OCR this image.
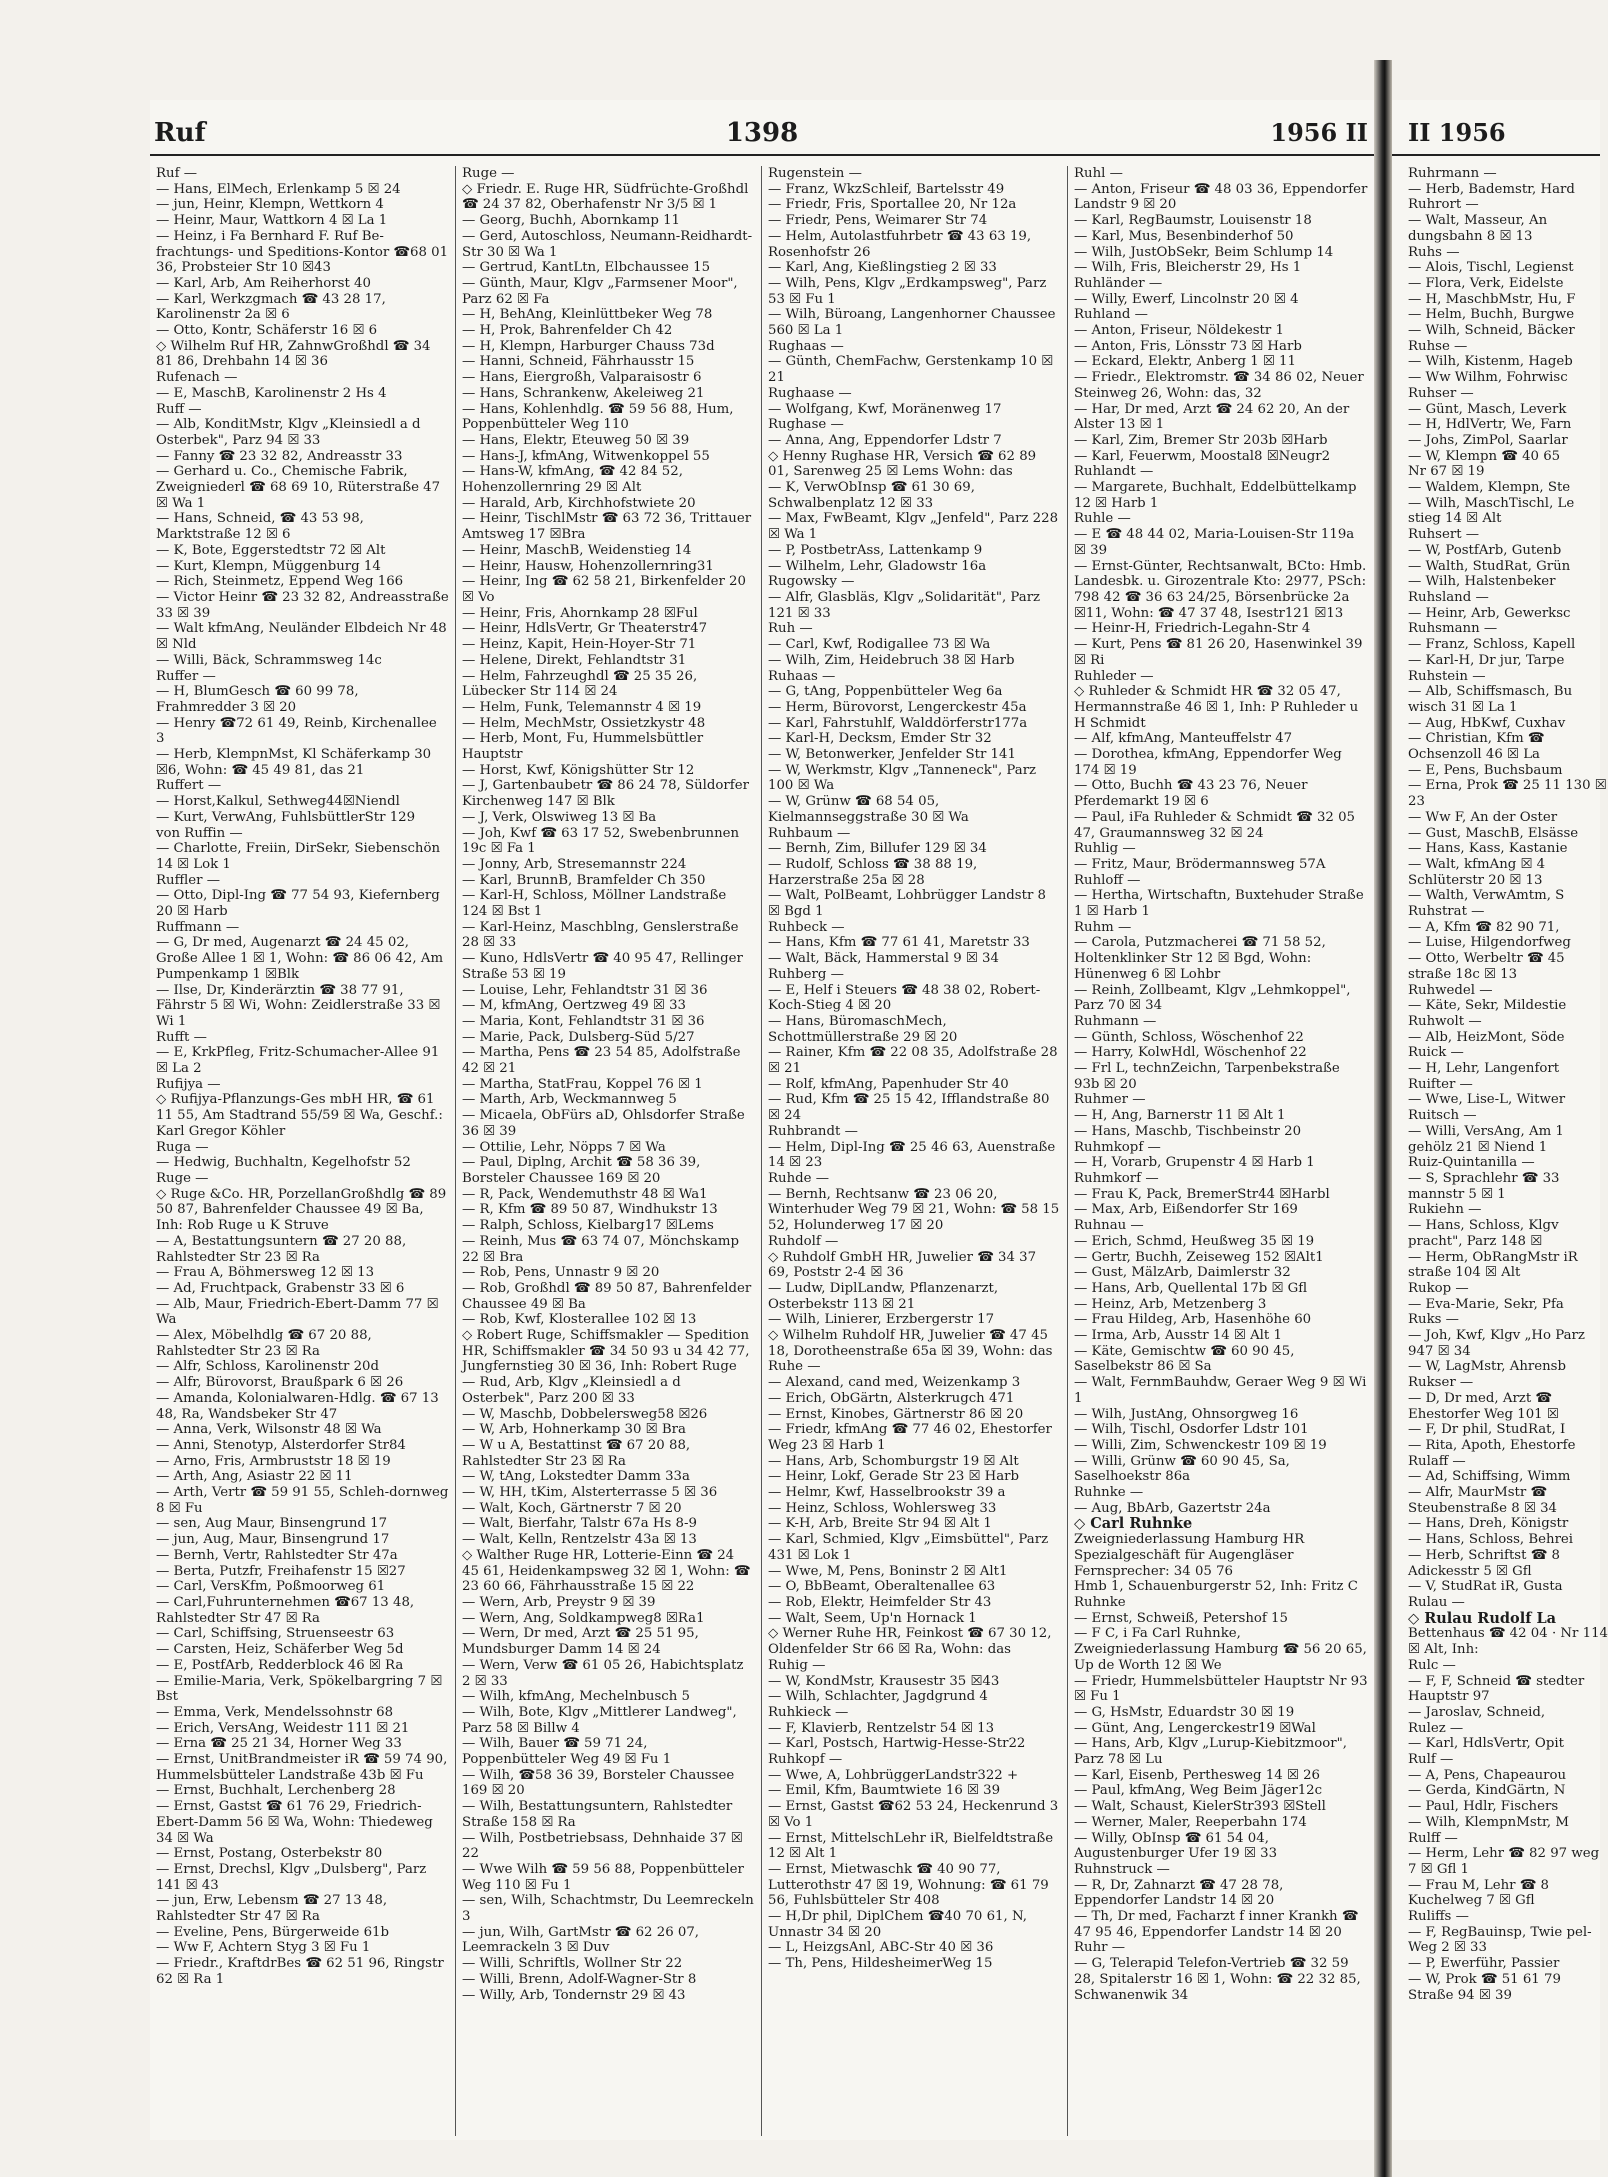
Ruf	1398	1956 II
Ruf —
— Hans, ElMech, Erlenkamp 5 ☒ 24
— jun, Heinr, Klempn, Wettkorn 4
— Heinr, Maur, Wattkorn 4 ☒ La 1
— Heinz, i Fa Bernhard F. Ruf Be-frachtungs- und Speditions-Kontor ☎68 01 36, Probsteier Str 10 ☒43
— Karl, Arb, Am Reiherhorst 40
— Karl, Werkzgmach ☎ 43 28 17, Karolinenstr 2a ☒ 6
— Otto, Kontr, Schäferstr 16 ☒ 6
◇ Wilhelm Ruf HR, ZahnwGroßhdl ☎ 34 81 86, Drehbahn 14 ☒ 36
Rufenach —
— E, MaschB, Karolinenstr 2 Hs 4
Ruff —
— Alb, KonditMstr, Klgv „Kleinsiedl a d Osterbek", Parz 94 ☒ 33
— Fanny ☎ 23 32 82, Andreasstr 33
— Gerhard u. Co., Chemische Fabrik, Zweigniederl ☎ 68 69 10, Rüterstraße 47 ☒ Wa 1
— Hans, Schneid, ☎ 43 53 98, Marktstraße 12 ☒ 6
— K, Bote, Eggerstedtstr 72 ☒ Alt
— Kurt, Klempn, Müggenburg 14
— Rich, Steinmetz, Eppend Weg 166
— Victor Heinr ☎ 23 32 82, Andreasstraße 33 ☒ 39
— Walt kfmAng, Neuländer Elbdeich Nr 48 ☒ Nld
— Willi, Bäck, Schrammsweg 14c
Ruffer —
— H, BlumGesch ☎ 60 99 78, Frahmredder 3 ☒ 20
— Henry ☎72 61 49, Reinb, Kirchenallee 3
— Herb, KlempnMst, Kl Schäferkamp 30 ☒6, Wohn: ☎ 45 49 81, das 21
Ruffert —
— Horst,Kalkul, Sethweg44☒Niendl
— Kurt, VerwAng, FuhlsbüttlerStr 129
von Ruffin —
— Charlotte, Freiin, DirSekr, Siebenschön 14 ☒ Lok 1
Ruffler —
— Otto, Dipl-Ing ☎ 77 54 93, Kiefernberg 20 ☒ Harb
Ruffmann —
— G, Dr med, Augenarzt ☎ 24 45 02, Große Allee 1 ☒ 1, Wohn: ☎ 86 06 42, Am Pumpenkamp 1 ☒Blk
— Ilse, Dr, Kinderärztin ☎ 38 77 91, Fährstr 5 ☒ Wi, Wohn: Zeidlerstraße 33 ☒ Wi 1
Rufft —
— E, KrkPfleg, Fritz-Schumacher-Allee 91 ☒ La 2
Rufijya —
◇ Rufijya-Pflanzungs-Ges mbH HR, ☎ 61 11 55, Am Stadtrand 55/59 ☒ Wa, Geschf.: Karl Gregor Köhler
Ruga —
— Hedwig, Buchhaltn, Kegelhofstr 52
Ruge —
◇ Ruge &Co. HR, PorzellanGroßhdlg ☎ 89 50 87, Bahrenfelder Chaussee 49 ☒ Ba, Inh: Rob Ruge u K Struve
— A, Bestattungsuntern ☎ 27 20 88, Rahlstedter Str 23 ☒ Ra
— Frau A, Böhmersweg 12 ☒ 13
— Ad, Fruchtpack, Grabenstr 33 ☒ 6
— Alb, Maur, Friedrich-Ebert-Damm 77 ☒ Wa
— Alex, Möbelhdlg ☎ 67 20 88, Rahlstedter Str 23 ☒ Ra
— Alfr, Schloss, Karolinenstr 20d
— Alfr, Bürovorst, Braußpark 6 ☒ 26
— Amanda, Kolonialwaren-Hdlg. ☎ 67 13 48, Ra, Wandsbeker Str 47
— Anna, Verk, Wilsonstr 48 ☒ Wa
— Anni, Stenotyp, Alsterdorfer Str84
— Arno, Fris, Armbruststr 18 ☒ 19
— Arth, Ang, Asiastr 22 ☒ 11
— Arth, Vertr ☎ 59 91 55, Schleh-dornweg 8 ☒ Fu
— sen, Aug Maur, Binsengrund 17
— jun, Aug, Maur, Binsengrund 17
— Bernh, Vertr, Rahlstedter Str 47a
— Berta, Putzfr, Freihafenstr 15 ☒27
— Carl, VersKfm, Poßmoorweg 61
— Carl,Fuhrunternehmen ☎67 13 48, Rahlstedter Str 47 ☒ Ra
— Carl, Schiffsing, Struenseestr 63
— Carsten, Heiz, Schäferber Weg 5d
— E, PostfArb, Redderblock 46 ☒ Ra
— Emilie-Maria, Verk, Spökelbargring 7 ☒ Bst
— Emma, Verk, Mendelssohnstr 68
— Erich, VersAng, Weidestr 111 ☒ 21
— Erna ☎ 25 21 34, Horner Weg 33
— Ernst, UnitBrandmeister iR ☎ 59 74 90, Hummelsbütteler Landstraße 43b ☒ Fu
— Ernst, Buchhalt, Lerchenberg 28
— Ernst, Gastst ☎ 61 76 29, Friedrich-Ebert-Damm 56 ☒ Wa, Wohn: Thiedeweg 34 ☒ Wa
— Ernst, Postang, Osterbekstr 80
— Ernst, Drechsl, Klgv „Dulsberg", Parz 141 ☒ 43
— jun, Erw, Lebensm ☎ 27 13 48, Rahlstedter Str 47 ☒ Ra
— Eveline, Pens, Bürgerweide 61b
— Ww F, Achtern Styg 3 ☒ Fu 1
— Friedr., KraftdrBes ☎ 62 51 96, Ringstr 62 ☒ Ra 1
Ruge —
◇ Friedr. E. Ruge HR, Südfrüchte-Großhdl ☎ 24 37 82, Oberhafenstr Nr 3/5 ☒ 1
— Georg, Buchh, Abornkamp 11
— Gerd, Autoschloss, Neumann-Reidhardt-Str 30 ☒ Wa 1
— Gertrud, KantLtn, Elbchaussee 15
— Günth, Maur, Klgv „Farmsener Moor", Parz 62 ☒ Fa
— H, BehAng, Kleinlüttbeker Weg 78
— H, Prok, Bahrenfelder Ch 42
— H, Klempn, Harburger Chauss 73d
— Hanni, Schneid, Fährhausstr 15
— Hans, Eiergroßh, Valparaisostr 6
— Hans, Schrankenw, Akeleiweg 21
— Hans, Kohlenhdlg. ☎ 59 56 88, Hum, Poppenbütteler Weg 110
— Hans, Elektr, Eteuweg 50 ☒ 39
— Hans-J, kfmAng, Witwenkoppel 55
— Hans-W, kfmAng, ☎ 42 84 52, Hohenzollernring 29 ☒ Alt
— Harald, Arb, Kirchhofstwiete 20
— Heinr, TischlMstr ☎ 63 72 36, Trittauer Amtsweg 17 ☒Bra
— Heinr, MaschB, Weidenstieg 14
— Heinr, Hausw, Hohenzollernring31
— Heinr, Ing ☎ 62 58 21, Birkenfelder 20 ☒ Vo
— Heinr, Fris, Ahornkamp 28 ☒Ful
— Heinr, HdlsVertr, Gr Theaterstr47
— Heinz, Kapit, Hein-Hoyer-Str 71
— Helene, Direkt, Fehlandtstr 31
— Helm, Fahrzeughdl ☎ 25 35 26, Lübecker Str 114 ☒ 24
— Helm, Funk, Telemannstr 4 ☒ 19
— Helm, MechMstr, Ossietzkystr 48
— Herb, Mont, Fu, Hummelsbüttler Hauptstr
— Horst, Kwf, Königshütter Str 12
— J, Gartenbaubetr ☎ 86 24 78, Süldorfer Kirchenweg 147 ☒ Blk
— J, Verk, Olswiweg 13 ☒ Ba
— Joh, Kwf ☎ 63 17 52, Swebenbrunnen 19c ☒ Fa 1
— Jonny, Arb, Stresemannstr 224
— Karl, BrunnB, Bramfelder Ch 350
— Karl-H, Schloss, Möllner Landstraße 124 ☒ Bst 1
— Karl-Heinz, Maschblng, Genslerstraße 28 ☒ 33
— Kuno, HdlsVertr ☎ 40 95 47, Rellinger Straße 53 ☒ 19
— Louise, Lehr, Fehlandtstr 31 ☒ 36
— M, kfmAng, Oertzweg 49 ☒ 33
— Maria, Kont, Fehlandtstr 31 ☒ 36
— Marie, Pack, Dulsberg-Süd 5/27
— Martha, Pens ☎ 23 54 85, Adolfstraße 42 ☒ 21
— Martha, StatFrau, Koppel 76 ☒ 1
— Marth, Arb, Weckmannweg 5
— Micaela, ObFürs aD, Ohlsdorfer Straße 36 ☒ 39
— Ottilie, Lehr, Nöpps 7 ☒ Wa
— Paul, Diplng, Archit ☎ 58 36 39, Borsteler Chaussee 169 ☒ 20
— R, Pack, Wendemuthstr 48 ☒ Wa1
— R, Kfm ☎ 89 50 87, Windhukstr 13
— Ralph, Schloss, Kielbarg17 ☒Lems
— Reinh, Mus ☎ 63 74 07, Mönchskamp 22 ☒ Bra
— Rob, Pens, Unnastr 9 ☒ 20
— Rob, Großhdl ☎ 89 50 87, Bahrenfelder Chaussee 49 ☒ Ba
— Rob, Kwf, Klosterallee 102 ☒ 13
◇ Robert Ruge, Schiffsmakler — Spedition HR, Schiffsmakler ☎ 34 50 93 u 34 42 77, Jungfernstieg 30 ☒ 36, Inh: Robert Ruge
— Rud, Arb, Klgv „Kleinsiedl a d Osterbek", Parz 200 ☒ 33
— W, Maschb, Dobbelersweg58 ☒26
— W, Arb, Hohnerkamp 30 ☒ Bra
— W u A, Bestattinst ☎ 67 20 88, Rahlstedter Str 23 ☒ Ra
— W, tAng, Lokstedter Damm 33a
— W, HH, tKim, Alsterterrasse 5 ☒ 36
— Walt, Koch, Gärtnerstr 7 ☒ 20
— Walt, Bierfahr, Talstr 67a Hs 8-9
— Walt, Kelln, Rentzelstr 43a ☒ 13
◇ Walther Ruge HR, Lotterie-Einn ☎ 24 45 61, Heidenkampsweg 32 ☒ 1, Wohn: ☎ 23 60 66, Fährhausstraße 15 ☒ 22
— Wern, Arb, Preystr 9 ☒ 39
— Wern, Ang, Soldkampweg8 ☒Ra1
— Wern, Dr med, Arzt ☎ 25 51 95, Mundsburger Damm 14 ☒ 24
— Wern, Verw ☎ 61 05 26, Habichtsplatz 2 ☒ 33
— Wilh, kfmAng, Mechelnbusch 5
— Wilh, Bote, Klgv „Mittlerer Landweg", Parz 58 ☒ Billw 4
— Wilh, Bauer ☎ 59 71 24, Poppenbütteler Weg 49 ☒ Fu 1
— Wilh, ☎58 36 39, Borsteler Chaussee 169 ☒ 20
— Wilh, Bestattungsuntern, Rahlstedter Straße 158 ☒ Ra
— Wilh, Postbetriebsass, Dehnhaide 37 ☒ 22
— Wwe Wilh ☎ 59 56 88, Poppenbütteler Weg 110 ☒ Fu 1
— sen, Wilh, Schachtmstr, Du Leemreckeln 3
— jun, Wilh, GartMstr ☎ 62 26 07, Leemrackeln 3 ☒ Duv
— Willi, Schriftls, Wollner Str 22
— Willi, Brenn, Adolf-Wagner-Str 8
— Willy, Arb, Tondernstr 29 ☒ 43
Rugenstein —
— Franz, WkzSchleif, Bartelsstr 49
— Friedr, Fris, Sportallee 20, Nr 12a
— Friedr, Pens, Weimarer Str 74
— Helm, Autolastfuhrbetr ☎ 43 63 19, Rosenhofstr 26
— Karl, Ang, Kießlingstieg 2 ☒ 33
— Wilh, Pens, Klgv „Erdkampsweg", Parz 53 ☒ Fu 1
— Wilh, Büroang, Langenhorner Chaussee 560 ☒ La 1
Rughaas —
— Günth, ChemFachw, Gerstenkamp 10 ☒ 21
Rughaase —
— Wolfgang, Kwf, Moränenweg 17
Rughase —
— Anna, Ang, Eppendorfer Ldstr 7
◇ Henny Rughase HR, Versich ☎ 62 89 01, Sarenweg 25 ☒ Lems Wohn: das
— K, VerwObInsp ☎ 61 30 69, Schwalbenplatz 12 ☒ 33
— Max, FwBeamt, Klgv „Jenfeld", Parz 228 ☒ Wa 1
— P, PostbetrAss, Lattenkamp 9
— Wilhelm, Lehr, Gladowstr 16a
Rugowsky —
— Alfr, Glasbläs, Klgv „Solidarität", Parz 121 ☒ 33
Ruh —
— Carl, Kwf, Rodigallee 73 ☒ Wa
— Wilh, Zim, Heidebruch 38 ☒ Harb
Ruhaas —
— G, tAng, Poppenbütteler Weg 6a
— Herm, Bürovorst, Lengerckestr 45a
— Karl, Fahrstuhlf, Walddörferstr177a
— Karl-H, Decksm, Emder Str 32
— W, Betonwerker, Jenfelder Str 141
— W, Werkmstr, Klgv „Tanneneck", Parz 100 ☒ Wa
— W, Grünw ☎ 68 54 05, Kielmannseggstraße 30 ☒ Wa
Ruhbaum —
— Bernh, Zim, Billufer 129 ☒ 34
— Rudolf, Schloss ☎ 38 88 19, Harzerstraße 25a ☒ 28
— Walt, PolBeamt, Lohbrügger Landstr 8 ☒ Bgd 1
Ruhbeck —
— Hans, Kfm ☎ 77 61 41, Maretstr 33
— Walt, Bäck, Hammerstal 9 ☒ 34
Ruhberg —
— E, Helf i Steuers ☎ 48 38 02, Robert-Koch-Stieg 4 ☒ 20
— Hans, BüromaschMech, Schottmüllerstraße 29 ☒ 20
— Rainer, Kfm ☎ 22 08 35, Adolfstraße 28 ☒ 21
— Rolf, kfmAng, Papenhuder Str 40
— Rud, Kfm ☎ 25 15 42, Ifflandstraße 80 ☒ 24
Ruhbrandt —
— Helm, Dipl-Ing ☎ 25 46 63, Auenstraße 14 ☒ 23
Ruhde —
— Bernh, Rechtsanw ☎ 23 06 20, Winterhuder Weg 79 ☒ 21, Wohn: ☎ 58 15 52, Holunderweg 17 ☒ 20
Ruhdolf —
◇ Ruhdolf GmbH HR, Juwelier ☎ 34 37 69, Poststr 2-4 ☒ 36
— Ludw, DiplLandw, Pflanzenarzt, Osterbekstr 113 ☒ 21
— Wilh, Linierer, Erzbergerstr 17
◇ Wilhelm Ruhdolf HR, Juwelier ☎ 47 45 18, Dorotheenstraße 65a ☒ 39, Wohn: das
Ruhe —
— Alexand, cand med, Weizenkamp 3
— Erich, ObGärtn, Alsterkrugch 471
— Ernst, Kinobes, Gärtnerstr 86 ☒ 20
— Friedr, kfmAng ☎ 77 46 02, Ehestorfer Weg 23 ☒ Harb 1
— Hans, Arb, Schomburgstr 19 ☒ Alt
— Heinr, Lokf, Gerade Str 23 ☒ Harb
— Helmr, Kwf, Hasselbrookstr 39 a
— Heinz, Schloss, Wohlersweg 33
— K-H, Arb, Breite Str 94 ☒ Alt 1
— Karl, Schmied, Klgv „Eimsbüttel", Parz 431 ☒ Lok 1
— Wwe, M, Pens, Boninstr 2 ☒ Alt1
— O, BbBeamt, Oberaltenallee 63
— Rob, Elektr, Heimfelder Str 43
— Walt, Seem, Up'n Hornack 1
◇ Werner Ruhe HR, Feinkost ☎ 67 30 12, Oldenfelder Str 66 ☒ Ra, Wohn: das
Ruhig —
— W, KondMstr, Krausestr 35 ☒43
— Wilh, Schlachter, Jagdgrund 4
Ruhkieck —
— F, Klavierb, Rentzelstr 54 ☒ 13
— Karl, Postsch, Hartwig-Hesse-Str22
Ruhkopf —
— Wwe, A, LohbrüggerLandstr322 +
— Emil, Kfm, Baumtwiete 16 ☒ 39
— Ernst, Gastst ☎62 53 24, Heckenrund 3 ☒ Vo 1
— Ernst, MittelschLehr iR, Bielfeldtstraße 12 ☒ Alt 1
— Ernst, Mietwaschk ☎ 40 90 77, Lutterothstr 47 ☒ 19, Wohnung: ☎ 61 79 56, Fuhlsbütteler Str 408
— H,Dr phil, DiplChem ☎40 70 61, N, Unnastr 34 ☒ 20
— L, HeizgsAnl, ABC-Str 40 ☒ 36
— Th, Pens, HildesheimerWeg 15
Ruhl —
— Anton, Friseur ☎ 48 03 36, Eppendorfer Landstr 9 ☒ 20
— Karl, RegBaumstr, Louisenstr 18
— Karl, Mus, Besenbinderhof 50
— Wilh, JustObSekr, Beim Schlump 14
— Wilh, Fris, Bleicherstr 29, Hs 1
Ruhländer —
— Willy, Ewerf, Lincolnstr 20 ☒ 4
Ruhland —
— Anton, Friseur, Nöldekestr 1
— Anton, Fris, Lönsstr 73 ☒ Harb
— Eckard, Elektr, Anberg 1 ☒ 11
— Friedr., Elektromstr. ☎ 34 86 02, Neuer Steinweg 26, Wohn: das, 32
— Har, Dr med, Arzt ☎ 24 62 20, An der Alster 13 ☒ 1
— Karl, Zim, Bremer Str 203b ☒Harb
— Karl, Feuerwm, Moostal8 ☒Neugr2
Ruhlandt —
— Margarete, Buchhalt, Eddelbüttelkamp 12 ☒ Harb 1
Ruhle —
— E ☎ 48 44 02, Maria-Louisen-Str 119a ☒ 39
— Ernst-Günter, Rechtsanwalt, BCto: Hmb. Landesbk. u. Girozentrale Kto: 2977, PSch: 798 42 ☎ 36 63 24/25, Börsenbrücke 2a ☒11, Wohn: ☎ 47 37 48, Isestr121 ☒13
— Heinr-H, Friedrich-Legahn-Str 4
— Kurt, Pens ☎ 81 26 20, Hasenwinkel 39 ☒ Ri
Ruhleder —
◇ Ruhleder & Schmidt HR ☎ 32 05 47, Hermannstraße 46 ☒ 1, Inh: P Ruhleder u H Schmidt
— Alf, kfmAng, Manteuffelstr 47
— Dorothea, kfmAng, Eppendorfer Weg 174 ☒ 19
— Otto, Buchh ☎ 43 23 76, Neuer Pferdemarkt 19 ☒ 6
— Paul, iFa Ruhleder & Schmidt ☎ 32 05 47, Graumannsweg 32 ☒ 24
Ruhlig —
— Fritz, Maur, Brödermannsweg 57A
Ruhloff —
— Hertha, Wirtschaftn, Buxtehuder Straße 1 ☒ Harb 1
Ruhm —
— Carola, Putzmacherei ☎ 71 58 52, Holtenklinker Str 12 ☒ Bgd, Wohn: Hünenweg 6 ☒ Lohbr
— Reinh, Zollbeamt, Klgv „Lehmkoppel", Parz 70 ☒ 34
Ruhmann —
— Günth, Schloss, Wöschenhof 22
— Harry, KolwHdl, Wöschenhof 22
— Frl L, technZeichn, Tarpenbekstraße 93b ☒ 20
Ruhmer —
— H, Ang, Barnerstr 11 ☒ Alt 1
— Hans, Maschb, Tischbeinstr 20
Ruhmkopf —
— H, Vorarb, Grupenstr 4 ☒ Harb 1
Ruhmkorf —
— Frau K, Pack, BremerStr44 ☒Harbl
— Max, Arb, Eißendorfer Str 169
Ruhnau —
— Erich, Schmd, Heußweg 35 ☒ 19
— Gertr, Buchh, Zeiseweg 152 ☒Alt1
— Gust, MälzArb, Daimlerstr 32
— Hans, Arb, Quellental 17b ☒ Gfl
— Heinz, Arb, Metzenberg 3
— Frau Hildeg, Arb, Hasenhöhe 60
— Irma, Arb, Ausstr 14 ☒ Alt 1
— Käte, Gemischtw ☎ 60 90 45, Saselbekstr 86 ☒ Sa
— Walt, FernmBauhdw, Geraer Weg 9 ☒ Wi 1
— Wilh, JustAng, Ohnsorgweg 16
— Wilh, Tischl, Osdorfer Ldstr 101
— Willi, Zim, Schwenckestr 109 ☒ 19
— Willi, Grünw ☎ 60 90 45, Sa, Saselhoekstr 86a
Ruhnke —
— Aug, BbArb, Gazertstr 24a
◇ Carl Ruhnke
Zweigniederlassung Hamburg HR Spezialgeschäft für Augengläser Fernsprecher: 34 05 76
Hmb 1, Schauenburgerstr 52, Inh: Fritz C Ruhnke
— Ernst, Schweiß, Petershof 15
— F C, i Fa Carl Ruhnke, Zweigniederlassung Hamburg ☎ 56 20 65, Up de Worth 12 ☒ We
— Friedr, Hummelsbütteler Hauptstr Nr 93 ☒ Fu 1
— G, HsMstr, Eduardstr 30 ☒ 19
— Günt, Ang, Lengerckestr19 ☒Wal
— Hans, Arb, Klgv „Lurup-Kiebitzmoor", Parz 78 ☒ Lu
— Karl, Eisenb, Perthesweg 14 ☒ 26
— Paul, kfmAng, Weg Beim Jäger12c
— Walt, Schaust, KielerStr393 ☒Stell
— Werner, Maler, Reeperbahn 174
— Willy, ObInsp ☎ 61 54 04, Augustenburger Ufer 19 ☒ 33
Ruhnstruck —
— R, Dr, Zahnarzt ☎ 47 28 78, Eppendorfer Landstr 14 ☒ 20
— Th, Dr med, Facharzt f inner Krankh ☎ 47 95 46, Eppendorfer Landstr 14 ☒ 20
Ruhr —
— G, Telerapid Telefon-Vertrieb ☎ 32 59 28, Spitalerstr 16 ☒ 1, Wohn: ☎ 22 32 85, Schwanenwik 34
II 1956
Ruhrmann —
— Herb, Bademstr, Hard
Ruhrort —
— Walt, Masseur, An dungsbahn 8 ☒ 13
Ruhs —
— Alois, Tischl, Legienst
— Flora, Verk, Eidelste
— H, MaschbMstr, Hu, F
— Helm, Buchh, Burgwe
— Wilh, Schneid, Bäcker
Ruhse —
— Wilh, Kistenm, Hageb
— Ww Wilhm, Fohrwisc
Ruhser —
— Günt, Masch, Leverk
— H, HdlVertr, We, Farn
— Johs, ZimPol, Saarlar
— W, Klempn ☎ 40 65
Nr 67 ☒ 19
— Waldem, Klempn, Ste
— Wilh, MaschTischl, Le stieg 14 ☒ Alt
Ruhsert —
— W, PostfArb, Gutenb
— Walth, StudRat, Grün
— Wilh, Halstenbeker
Ruhsland —
— Heinr, Arb, Gewerksc
Ruhsmann —
— Franz, Schloss, Kapell
— Karl-H, Dr jur, Tarpe
Ruhstein —
— Alb, Schiffsmasch, Bu wisch 31 ☒ La 1
— Aug, HbKwf, Cuxhav
— Christian, Kfm ☎ Ochsenzoll 46 ☒ La
— E, Pens, Buchsbaum
— Erna, Prok ☎ 25 11 130 ☒ 23
— Ww F, An der Oster
— Gust, MaschB, Elsässe
— Hans, Kass, Kastanie
— Walt, kfmAng ☒ 4 Schlüterstr 20 ☒ 13
— Walth, VerwAmtm, S
Ruhstrat —
— A, Kfm ☎ 82 90 71,
— Luise, Hilgendorfweg
— Otto, Werbeltr ☎ 45 straße 18c ☒ 13
Ruhwedel —
— Käte, Sekr, Mildestie
Ruhwolt —
— Alb, HeizMont, Söde
Ruick —
— H, Lehr, Langenfort
Ruifter —
— Wwe, Lise-L, Witwer
Ruitsch —
— Willi, VersAng, Am 1 gehölz 21 ☒ Niend 1
Ruiz-Quintanilla —
— S, Sprachlehr ☎ 33 mannstr 5 ☒ 1
Rukiehn —
— Hans, Schloss, Klgv pracht", Parz 148 ☒
— Herm, ObRangMstr iR straße 104 ☒ Alt
Rukop —
— Eva-Marie, Sekr, Pfa
Ruks —
— Joh, Kwf, Klgv „Ho Parz 947 ☒ 34
— W, LagMstr, Ahrensb
Rukser —
— D, Dr med, Arzt ☎ Ehestorfer Weg 101 ☒
— F, Dr phil, StudRat, I
— Rita, Apoth, Ehestorfe
Rulaff —
— Ad, Schiffsing, Wimm
— Alfr, MaurMstr ☎ Steubenstraße 8 ☒ 34
— Hans, Dreh, Königstr
— Hans, Schloss, Behrei
— Herb, Schriftst ☎ 8 Adickesstr 5 ☒ Gfl
— V, StudRat iR, Gusta
Rulau —
◇ Rulau Rudolf La
Bettenhaus ☎ 42 04 · Nr 114 ☒ Alt, Inh:
Rulc —
— F, F, Schneid ☎ stedter Hauptstr 97
— Jaroslav, Schneid,
Rulez —
— Karl, HdlsVertr, Opit
Rulf —
— A, Pens, Chapeaurou
— Gerda, KindGärtn, N
— Paul, Hdlr, Fischers
— Wilh, KlempnMstr, M
Rulff —
— Herm, Lehr ☎ 82 97 weg 7 ☒ Gfl 1
— Frau M, Lehr ☎ 8 Kuchelweg 7 ☒ Gfl
Ruliffs —
— F, RegBauinsp, Twie pel-Weg 2 ☒ 33
— P, Ewerführ, Passier
— W, Prok ☎ 51 61 79 Straße 94 ☒ 39
